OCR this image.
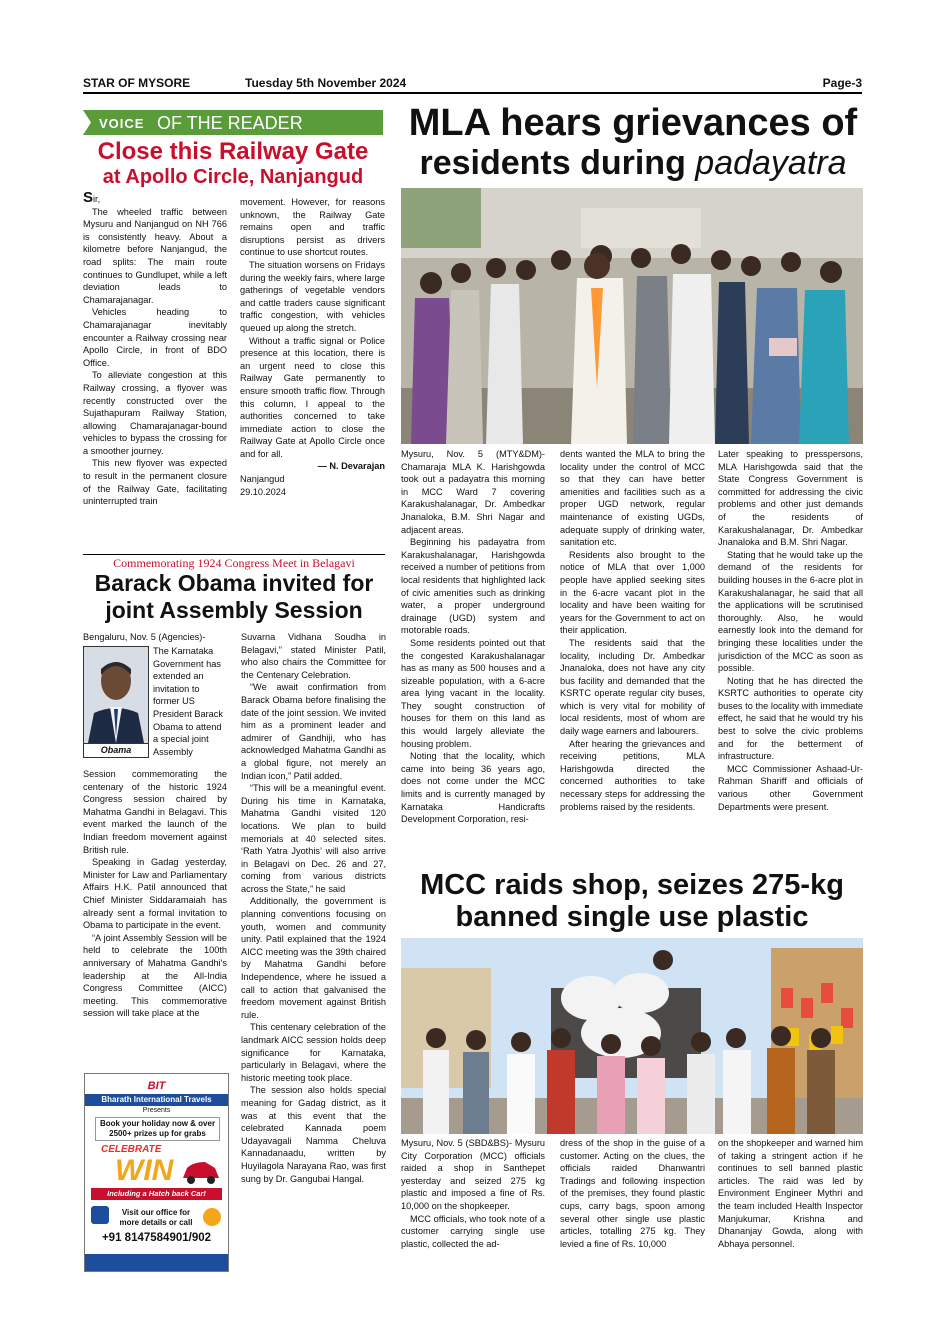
STAR OF MYSORE	Tuesday 5th November 2024	Page-3
VOICE OF THE READER
Close this Railway Gate
at Apollo Circle, Nanjangud

Sir,

The wheeled traffic between Mysuru and Nanjangud on NH 766 is consistently heavy. About a kilometre before Nanjangud, the road splits: The main route continues to Gundlupet, while a left deviation leads to Chamarajanagar.

Vehicles heading to Chamarajanagar inevitably encounter a Railway crossing near Apollo Circle, in front of BDO Office.

To alleviate congestion at this Railway crossing, a flyover was recently constructed over the Sujathapuram Railway Station, allowing Chamarajanagar-bound vehicles to bypass the crossing for a smoother journey.

This new flyover was expected to result in the permanent closure of the Railway Gate, facilitating uninterrupted train

movement. However, for reasons unknown, the Railway Gate remains open and traffic disruptions persist as drivers continue to use shortcut routes.

The situation worsens on Fridays during the weekly fairs, where large gatherings of vegetable vendors and cattle traders cause significant traffic congestion, with vehicles queued up along the stretch.

Without a traffic signal or Police presence at this location, there is an urgent need to close this Railway Gate permanently to ensure smooth traffic flow. Through this column, I appeal to the authorities concerned to take immediate action to close the Railway Gate at Apollo Circle once and for all.

— N. Devarajan
Nanjangud
29.10.2024
Commemorating 1924 Congress Meet in Belagavi
Barack Obama invited for
joint Assembly Session
Obama
Bengaluru, Nov. 5 (Agencies)-
The Karnataka Government has extended an invitation to former US President Barack Obama to attend a special joint Assembly

Session commemorating the centenary of the historic 1924 Congress session chaired by Mahatma Gandhi in Belagavi. This event marked the launch of the Indian freedom movement against British rule.

Speaking in Gadag yesterday, Minister for Law and Parliamentary Affairs H.K. Patil announced that Chief Minister Siddaramaiah has already sent a formal invitation to Obama to participate in the event.

“A joint Assembly Session will be held to celebrate the 100th anniversary of Mahatma Gandhi's leadership at the All-India Congress Committee (AICC) meeting. This commemorative session will take place at the

Suvarna Vidhana Soudha in Belagavi,” stated Minister Patil, who also chairs the Committee for the Centenary Celebration.

“We await confirmation from Barack Obama before finalising the date of the joint session. We invited him as a prominent leader and admirer of Gandhiji, who has acknowledged Mahatma Gandhi as a global figure, not merely an Indian icon,” Patil added.

“This will be a meaningful event. During his time in Karnataka, Mahatma Gandhi visited 120 locations. We plan to build memorials at 40 selected sites. ‘Rath Yatra Jyothis’ will also arrive in Belagavi on Dec. 26 and 27, coming from various districts across the State,” he said

Additionally, the government is planning conventions focusing on youth, women and community unity. Patil explained that the 1924 AICC meeting was the 39th chaired by Mahatma Gandhi before Independence, where he issued a call to action that galvanised the freedom movement against British rule.

This centenary celebration of the landmark AICC session holds deep significance for Karnataka, particularly in Belagavi, where the historic meeting took place.

The session also holds special meaning for Gadag district, as it was at this event that the celebrated Kannada poem Udayavagali Namma Cheluva Kannadanaadu, written by Huyilagola Narayana Rao, was first sung by Dr. Gangubai Hangal.

BIT
Bharath International Travels
Presents
Book your holiday now & over 2500+ prizes up for grabs
CELEBRATE
WIN
Including a Hatch back Car!
Visit our office for more details or call
+91 8147584901/902
MLA hears grievances of
residents during padayatra

Mysuru, Nov. 5 (MTY&DM)- Chamaraja MLA K. Harishgowda took out a padayatra this morning in MCC Ward 7 covering Karakushalanagar, Dr. Ambedkar Jnanaloka, B.M. Shri Nagar and adjacent areas.

Beginning his padayatra from Karakushalanagar, Harishgowda received a number of petitions from local residents that highlighted lack of civic amenities such as drinking water, a proper underground drainage (UGD) system and motorable roads.

Some residents pointed out that the congested Karakushalanagar has as many as 500 houses and a sizeable population, with a 6-acre area lying vacant in the locality. They sought construction of houses for them on this land as this would largely alleviate the housing problem.

Noting that the locality, which came into being 36 years ago, does not come under the MCC limits and is currently managed by Karnataka Handicrafts Development Corporation, resi-

dents wanted the MLA to bring the locality under the control of MCC so that they can have better amenities and facilities such as a proper UGD network, regular maintenance of existing UGDs, adequate supply of drinking water, sanitation etc.

Residents also brought to the notice of MLA that over 1,000 people have applied seeking sites in the 6-acre vacant plot in the locality and have been waiting for years for the Government to act on their application.

The residents said that the locality, including Dr. Ambedkar Jnanaloka, does not have any city bus facility and demanded that the KSRTC operate regular city buses, which is very vital for mobility of local residents, most of whom are daily wage earners and labourers.

After hearing the grievances and receiving petitions, MLA Harishgowda directed the concerned authorities to take necessary steps for addressing the problems raised by the residents.

Later speaking to presspersons, MLA Harishgowda said that the State Congress Government is committed for addressing the civic problems and other just demands of the residents of Karakushalanagar, Dr. Ambedkar Jnanaloka and B.M. Shri Nagar.

Stating that he would take up the demand of the residents for building houses in the 6-acre plot in Karakushalanagar, he said that all the applications will be scrutinised thoroughly. Also, he would earnestly look into the demand for bringing these localities under the jurisdiction of the MCC as soon as possible.

Noting that he has directed the KSRTC authorities to operate city buses to the locality with immediate effect, he said that he would try his best to solve the civic problems and for the betterment of infrastructure.

MCC Commissioner Ashaad-Ur-Rahman Shariff and officials of various other Government Departments were present.

MCC raids shop, seizes 275-kg
banned single use plastic

Mysuru, Nov. 5 (SBD&BS)- Mysuru City Corporation (MCC) officials raided a shop in Santhepet yesterday and seized 275 kg plastic and imposed a fine of Rs. 10,000 on the shopkeeper.

MCC officials, who took note of a customer carrying single use plastic, collected the ad-

dress of the shop in the guise of a customer. Acting on the clues, the officials raided Dhanwantri Tradings and following inspection of the premises, they found plastic cups, carry bags, spoon among several other single use plastic articles, totalling 275 kg. They levied a fine of Rs. 10,000

on the shopkeeper and warned him of taking a stringent action if he continues to sell banned plastic articles. The raid was led by Environment Engineer Mythri and the team included Health Inspector Manjukumar, Krishna and Dhananjay Gowda, along with Abhaya personnel.
